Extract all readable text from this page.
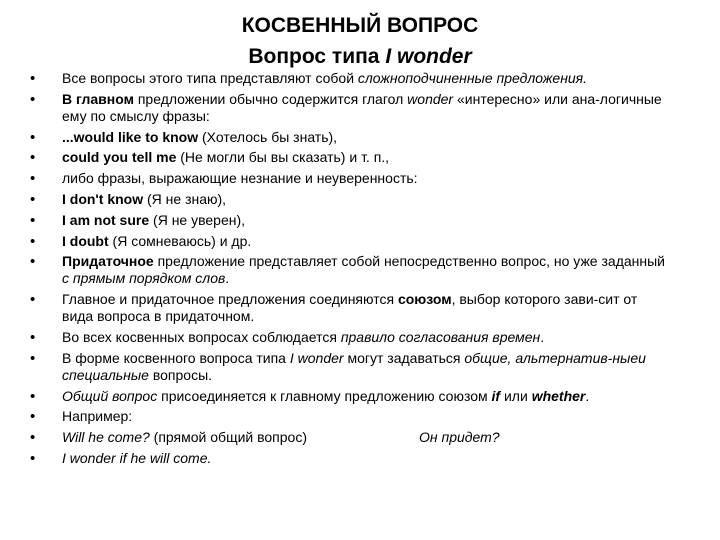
КОСВЕННЫЙ ВОПРОС
Вопрос типа I wonder
• Все вопросы этого типа представляют собой сложноподчиненные предложения.
• В главном предложении обычно содержится глагол wonder «интересно» или ана-логичные ему по смыслу фразы:
• ...would like to know (Хотелось бы знать),
• could you tell me (Не могли бы вы сказать) и т. п.,
• либо фразы, выражающие незнание и неуверенность:
• I don't know (Я не знаю),
• I am not sure (Я не уверен),
• I doubt (Я сомневаюсь) и др.
• Придаточное предложение представляет собой непосредственно вопрос, но уже заданный с прямым порядком слов.
• Главное и придаточное предложения соединяются союзом, выбор которого зави-сит от вида вопроса в придаточном.
• Во всех косвенных вопросах соблюдается правило согласования времен.
• В форме косвенного вопроса типа I wonder могут задаваться общие, альтернатив-ныеи специальные вопросы.
• Общий вопрос присоединяется к главному предложению союзом if или whether.
• Например:
• Will he come? (прямой общий вопрос)	Он придет?
• I wonder if he will come.
